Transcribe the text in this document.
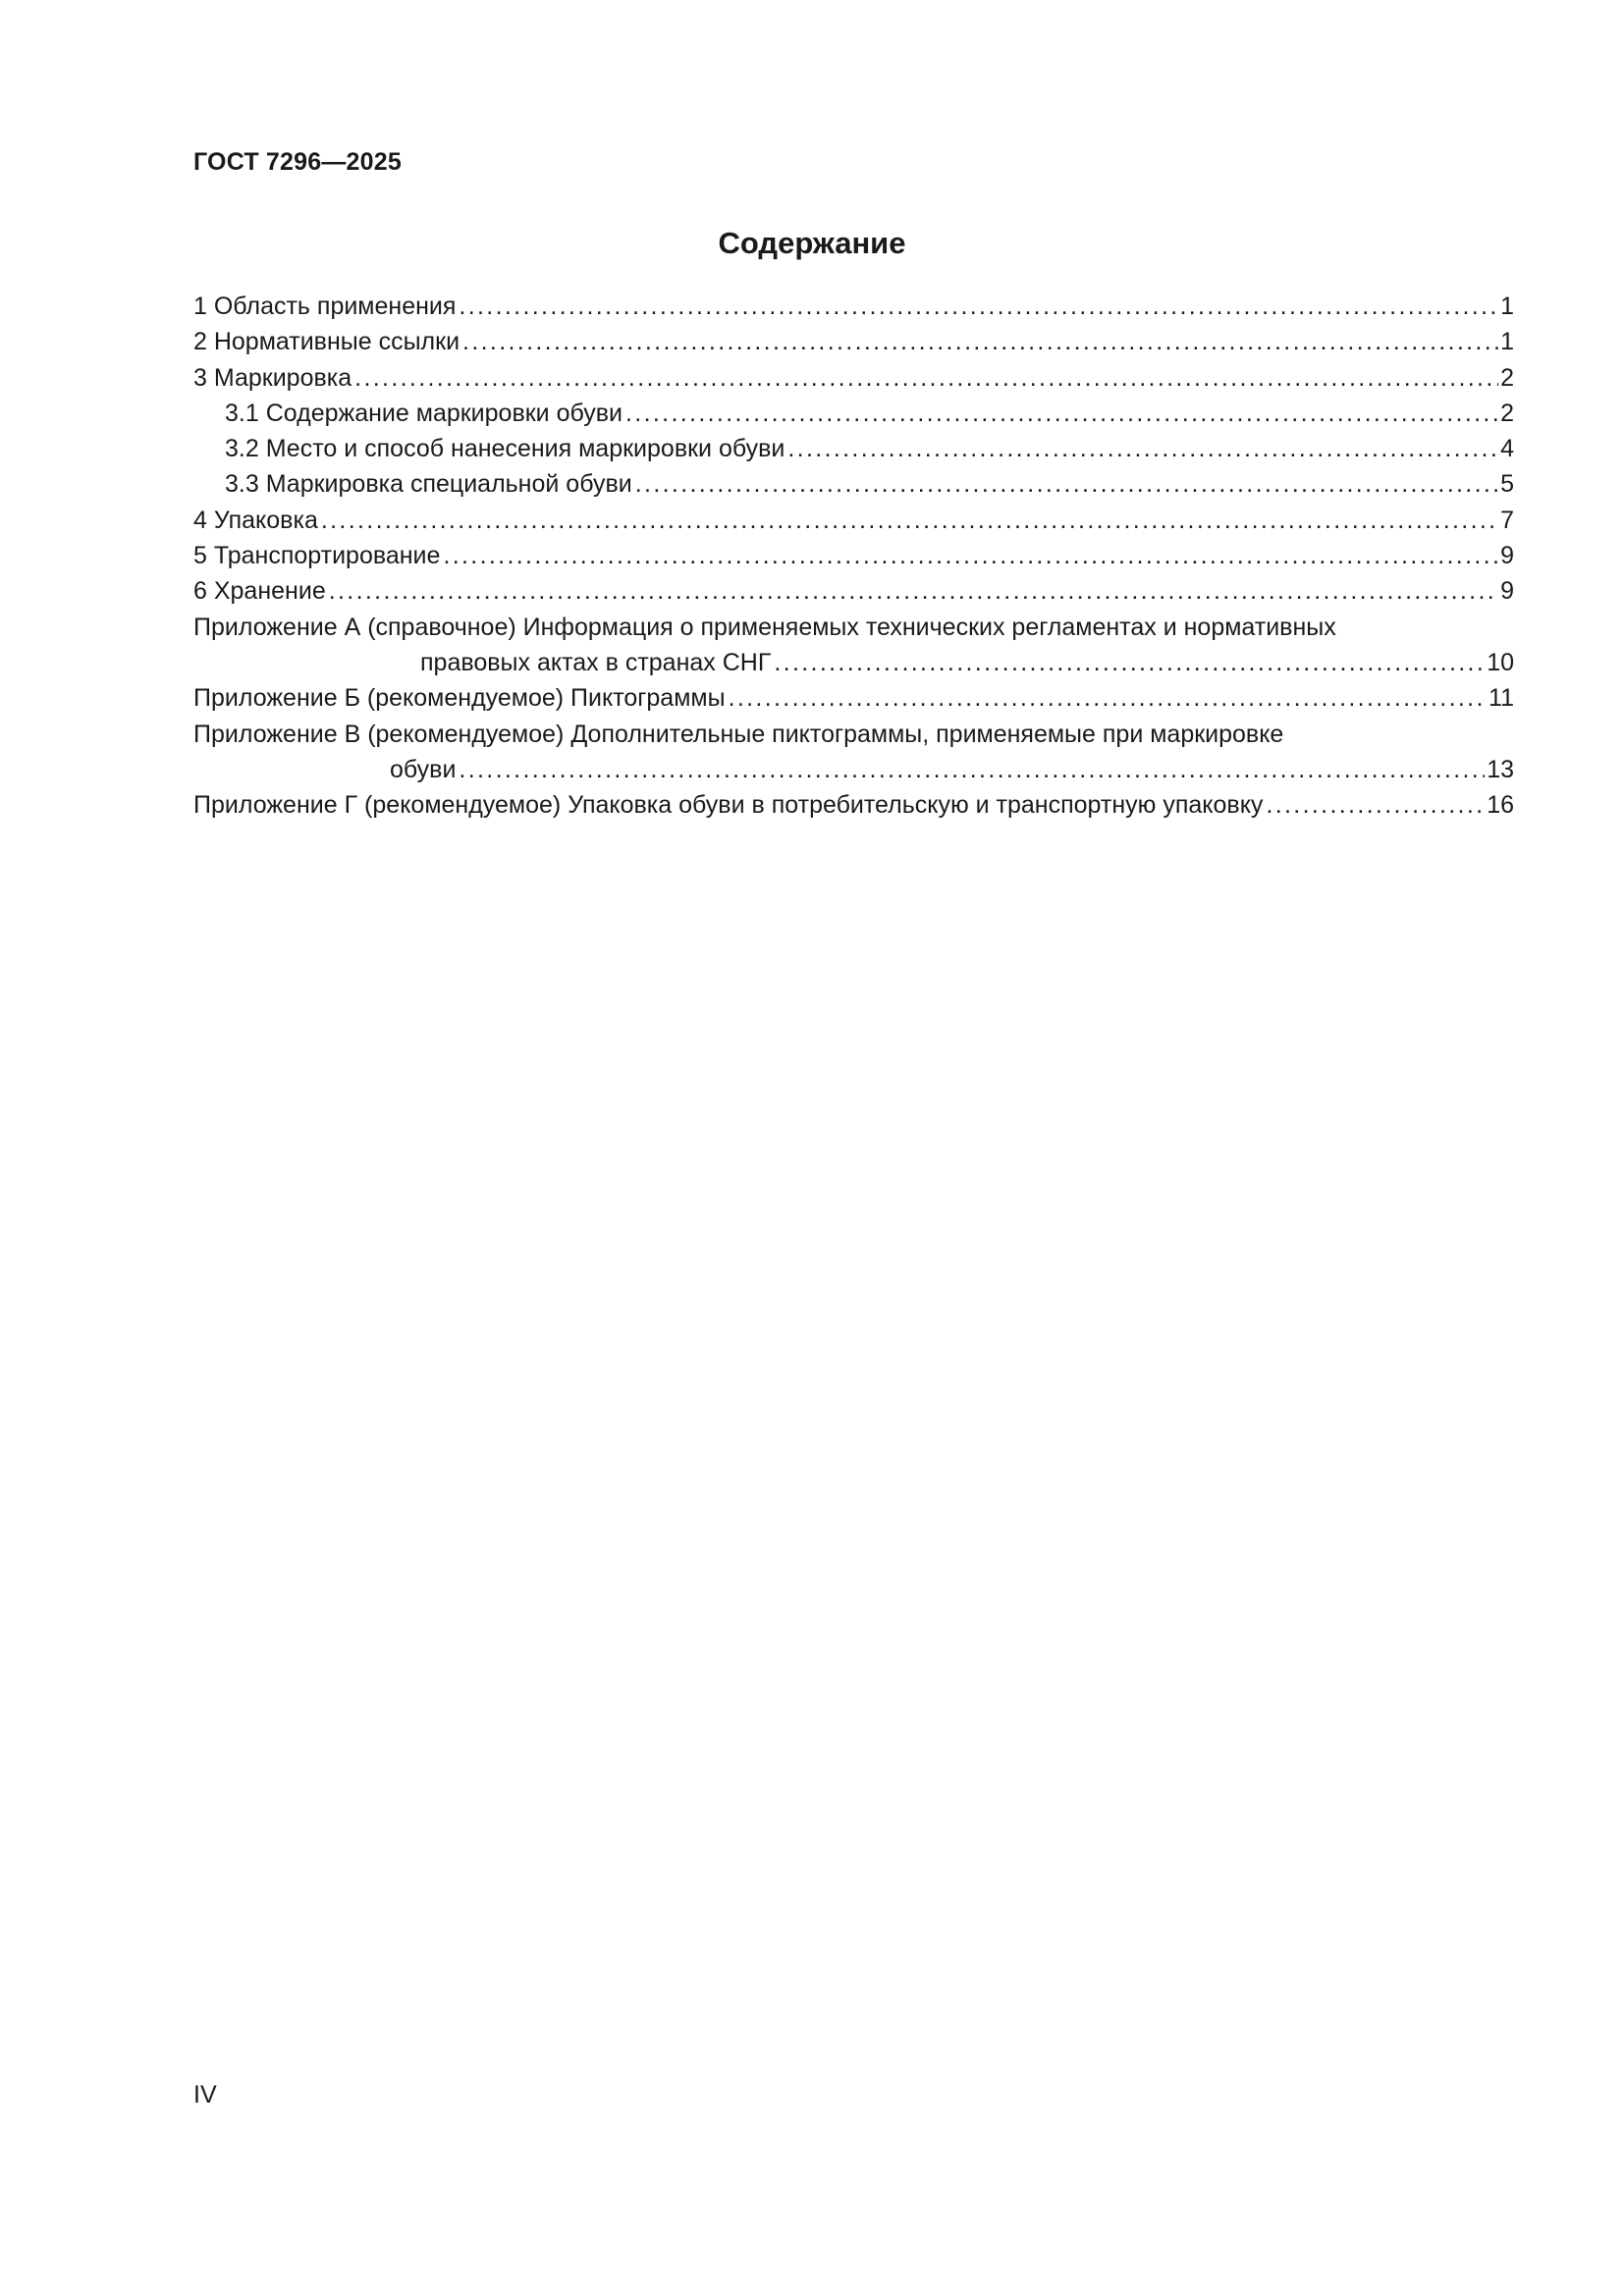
ГОСТ 7296—2025
Содержание
1 Область применения . . .	1
2 Нормативные ссылки . . .	1
3 Маркировка . . .	2
3.1 Содержание маркировки обуви . . .	2
3.2 Место и способ нанесения маркировки обуви . . .	4
3.3 Маркировка специальной обуви . . .	5
4 Упаковка . . .	7
5 Транспортирование . . .	9
6 Хранение . . .	9
Приложение А (справочное) Информация о применяемых технических регламентах и нормативных
правовых актах в странах СНГ . . .	10
Приложение Б (рекомендуемое) Пиктограммы . . .	11
Приложение В (рекомендуемое) Дополнительные пиктограммы, применяемые при маркировке
обуви . . .	13
Приложение Г (рекомендуемое) Упаковка обуви в потребительскую и транспортную упаковку . . .	16
IV
